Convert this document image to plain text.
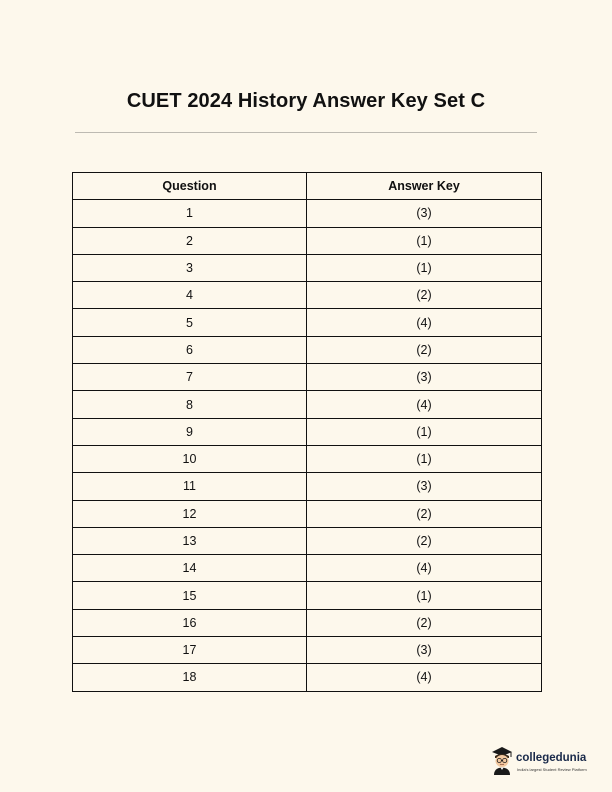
CUET 2024 History Answer Key Set C
Question	Answer Key
1	(3)
2	(1)
3	(1)
4	(2)
5	(4)
6	(2)
7	(3)
8	(4)
9	(1)
10	(1)
11	(3)
12	(2)
13	(2)
14	(4)
15	(1)
16	(2)
17	(3)
18	(4)
collegedunia
India's largest Student Review Platform
